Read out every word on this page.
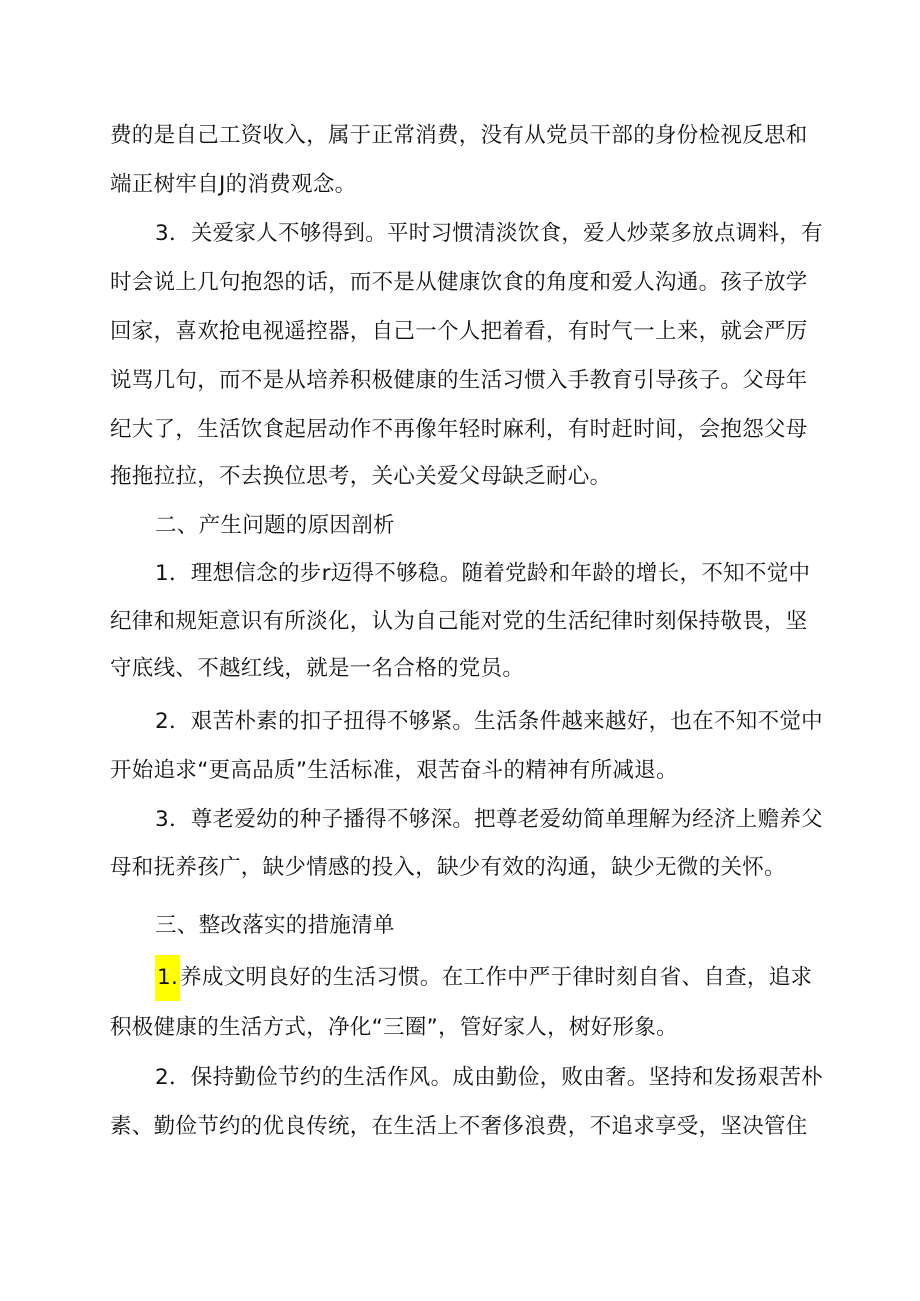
费的是自己工资收入，属于正常消费，没有从党员干部的身份检视反思和
端正树牢自J的消费观念。
3．关爱家人不够得到。平时习惯清淡饮食，爱人炒菜多放点调料，有
时会说上几句抱怨的话，而不是从健康饮食的角度和爱人沟通。孩子放学
回家，喜欢抢电视遥控器，自己一个人把着看，有时气一上来，就会严厉
说骂几句，而不是从培养积极健康的生活习惯入手教育引导孩子。父母年
纪大了，生活饮食起居动作不再像年轻时麻利，有时赶时间，会抱怨父母
拖拖拉拉，不去换位思考，关心关爱父母缺乏耐心。
二、产生问题的原因剖析
1．理想信念的步r迈得不够稳。随着党龄和年龄的增长，不知不觉中
纪律和规矩意识有所淡化，认为自己能对党的生活纪律时刻保持敬畏，坚
守底线、不越红线，就是一名合格的党员。
2．艰苦朴素的扣子扭得不够紧。生活条件越来越好，也在不知不觉中
开始追求“更高品质”生活标准，艰苦奋斗的精神有所减退。
3．尊老爱幼的种子播得不够深。把尊老爱幼简单理解为经济上赡养父
母和抚养孩广，缺少情感的投入，缺少有效的沟通，缺少无微的关怀。
三、整改落实的措施清单
1.养成文明良好的生活习惯。在工作中严于律时刻自省、自查，追求
积极健康的生活方式，净化“三圈”，管好家人，树好形象。
2．保持勤俭节约的生活作风。成由勤俭，败由奢。坚持和发扬艰苦朴
素、勤俭节约的优良传统，在生活上不奢侈浪费，不追求享受，坚决管住
